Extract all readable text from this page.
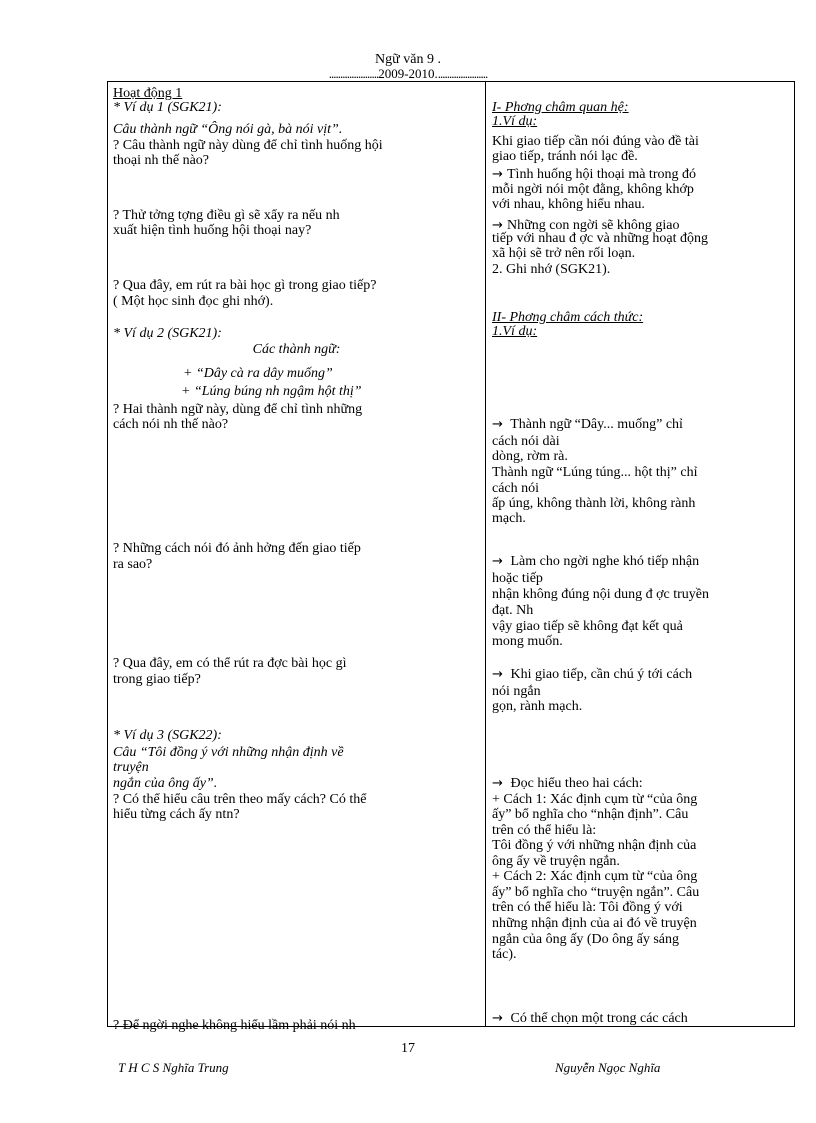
Ngữ văn 9 .
......................2009-2010.......................
Hoạt động 1
* Ví dụ 1 (SGK21):
Câu thành ngữ “Ông nói gà, bà nói vịt”.
? Câu thành ngữ này dùng để chỉ tình huống hội
thoại nh thế nào?
? Thử tởng tợng điều gì sẽ xẩy ra nếu nh
xuất hiện tình huống hội thoại nay?
? Qua đây, em rút ra bài học gì trong giao tiếp?
( Một học sinh đọc ghi nhớ).
* Ví dụ 2 (SGK21):
Các thành ngữ:
+ “Dây cà ra dây muống”
+ “Lúng búng nh ngậm hột thị”
? Hai thành ngữ này, dùng để chỉ tình những
cách nói nh thế nào?
? Những cách nói đó ảnh hởng đến giao tiếp
ra sao?
? Qua đây, em có thể rút ra đợc bài học gì
trong giao tiếp?
* Ví dụ 3 (SGK22):
Câu “Tôi đồng ý với những nhận định về
truyện
ngắn của ông ấy”.
? Có thể hiểu câu trên theo mấy cách? Có thể
hiểu từng cách ấy ntn?
? Để ngời nghe không hiểu lầm phải nói nh
I- Phơng châm quan hệ:
1.Ví dụ:
Khi giao tiếp cần nói đúng vào đề tài
giao tiếp, tránh nói lạc đề.
→ Tình huống hội thoại mà trong đó
mỗi ngời nói một đằng, không khớp
với nhau, không hiểu nhau.
→ Những con ngời sẽ không giao
tiếp với nhau đ ợc và những hoạt động
xã hội sẽ trở nên rối loạn.
2. Ghi nhớ (SGK21).
II- Phơng châm cách thức:
1.Ví dụ:
→ Thành ngữ “Dây... muống” chỉ
cách nói dài
dòng, rờm rà.
Thành ngữ “Lúng túng... hột thị” chỉ
cách nói
ấp úng, không thành lời, không rành
mạch.
→ Làm cho ngời nghe khó tiếp nhận
hoặc tiếp
nhận không đúng nội dung đ ợc truyền
đạt. Nh
vậy giao tiếp sẽ không đạt kết quả
mong muốn.
→ Khi giao tiếp, cần chú ý tới cách
nói ngắn
gọn, rành mạch.
→ Đọc hiểu theo hai cách:
+ Cách 1: Xác định cụm từ “của ông
ấy” bổ nghĩa cho “nhận định”. Câu
trên có thể hiểu là:
Tôi đồng ý với những nhận định của
ông ấy về truyện ngắn.
+ Cách 2: Xác định cụm từ “của ông
ấy” bổ nghĩa cho “truyện ngắn”. Câu
trên có thể hiểu là: Tôi đồng ý với
những nhận định của ai đó về truyện
ngắn của ông ấy (Do ông ấy sáng
tác).
→ Có thể chọn một trong các cách
17
T H C S Nghĩa Trung	Nguyễn Ngọc Nghĩa
